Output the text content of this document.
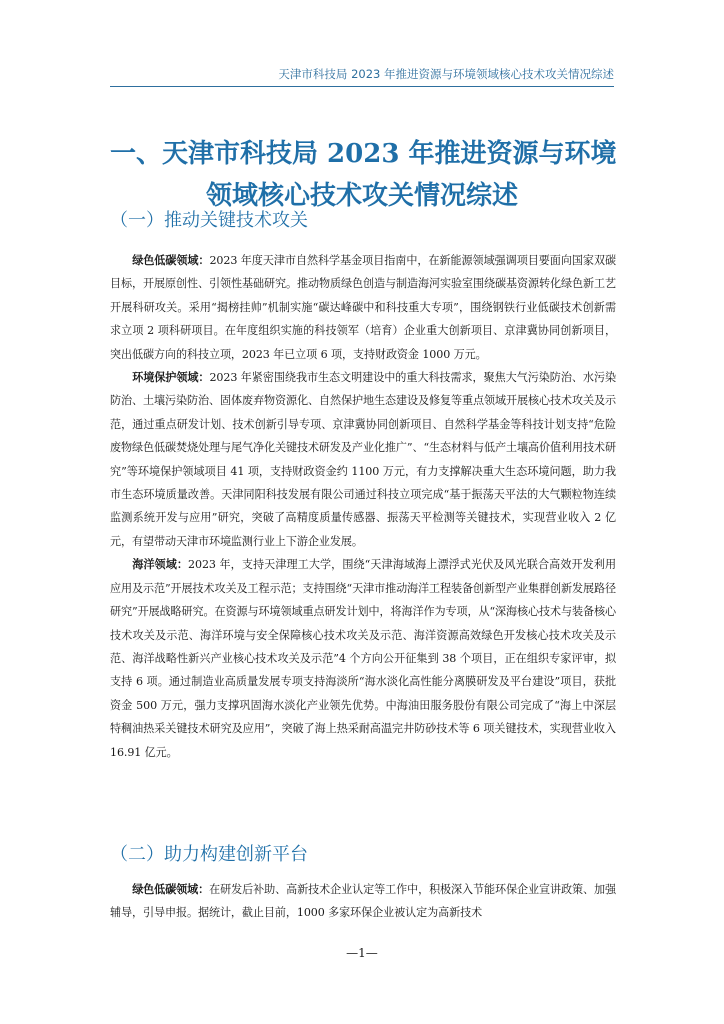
天津市科技局 2023 年推进资源与环境领域核心技术攻关情况综述
一、天津市科技局 2023 年推进资源与环境
领域核心技术攻关情况综述
（一）推动关键技术攻关

绿色低碳领域：2023 年度天津市自然科学基金项目指南中，在新能源领域强调项目要面向国家双碳目标，开展原创性、引领性基础研究。推动物质绿色创造与制造海河实验室围绕碳基资源转化绿色新工艺开展科研攻关。采用“揭榜挂帅”机制实施“碳达峰碳中和科技重大专项”，围绕钢铁行业低碳技术创新需求立项 2 项科研项目。在年度组织实施的科技领军（培育）企业重大创新项目、京津冀协同创新项目，突出低碳方向的科技立项，2023 年已立项 6 项，支持财政资金 1000 万元。

环境保护领域：2023 年紧密围绕我市生态文明建设中的重大科技需求，聚焦大气污染防治、水污染防治、土壤污染防治、固体废弃物资源化、自然保护地生态建设及修复等重点领域开展核心技术攻关及示范，通过重点研发计划、技术创新引导专项、京津冀协同创新项目、自然科学基金等科技计划支持“危险废物绿色低碳焚烧处理与尾气净化关键技术研发及产业化推广”、“生态材料与低产土壤高价值利用技术研究”等环境保护领域项目 41 项，支持财政资金约 1100 万元，有力支撑解决重大生态环境问题，助力我市生态环境质量改善。天津同阳科技发展有限公司通过科技立项完成“基于振荡天平法的大气颗粒物连续监测系统开发与应用”研究，突破了高精度质量传感器、振荡天平检测等关键技术，实现营业收入 2 亿元，有望带动天津市环境监测行业上下游企业发展。

海洋领域：2023 年，支持天津理工大学，围绕“天津海域海上漂浮式光伏及风光联合高效开发利用应用及示范”开展技术攻关及工程示范；支持围绕“天津市推动海洋工程装备创新型产业集群创新发展路径研究”开展战略研究。在资源与环境领域重点研发计划中，将海洋作为专项，从“深海核心技术与装备核心技术攻关及示范、海洋环境与安全保障核心技术攻关及示范、海洋资源高效绿色开发核心技术攻关及示范、海洋战略性新兴产业核心技术攻关及示范”4 个方向公开征集到 38 个项目，正在组织专家评审，拟支持 6 项。通过制造业高质量发展专项支持海淡所“海水淡化高性能分离膜研发及平台建设”项目，获批资金 500 万元，强力支撑巩固海水淡化产业领先优势。中海油田服务股份有限公司完成了“海上中深层特稠油热采关键技术研究及应用”，突破了海上热采耐高温完井防砂技术等 6 项关键技术，实现营业收入 16.91 亿元。

（二）助力构建创新平台

绿色低碳领域：在研发后补助、高新技术企业认定等工作中，积极深入节能环保企业宣讲政策、加强辅导，引导申报。据统计，截止目前，1000 多家环保企业被认定为高新技术

—1—
